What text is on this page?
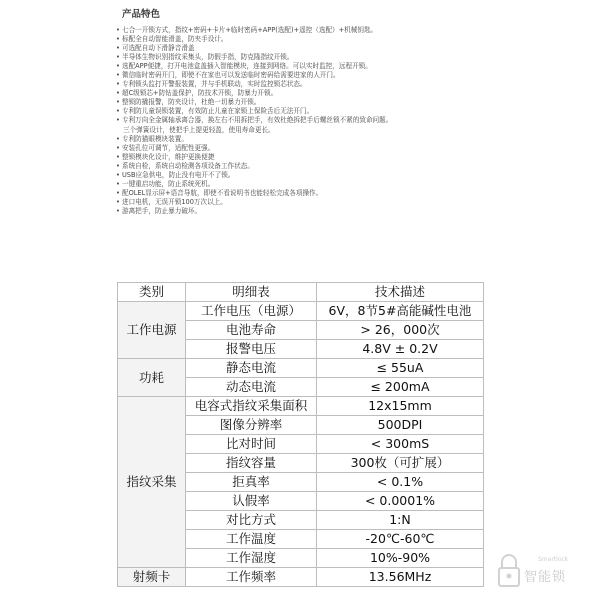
产品特色
• 七合一开锁方式，指纹+密码+卡片+临时密码+APP(选配)+遥控（选配）+机械钥匙。
• 标配全自动智能滑盖，防夹手设计。
• 可选配自动下滑静音滑盖
• 半导体生物识别指纹采集头，防假手指，防克隆指纹开锁。
• 选配APP便捷，打开电池盒盖插入智能模块，连接到网络。可以实时监控，远程开锁。
• 微信临时密码开门，即使不在家也可以发送临时密码给需要进家的人开门。
• 专利锁头监打开警报装置，并与手机联动，实时监控锁芯状态。
• 超C级锁芯+防钻盖保护，防技术开锁，防暴力开锁。
• 整锁防撬报警，防夹设计，杜绝一切暴力开锁。
• 专利防儿童误锁装置，有效防止儿童在家锁上保险舌后无法开门。
• 专利万向全金属轴承离合器，换左右不用拆把手，有效杜绝拆把手后螺丝锁不紧的致命问题。
三个弹簧设计，使把手上提更轻盈，使用寿命更长。
• 专利防猫眼模块装置。
• 安装孔位可调节，适配性更强。
• 整锁模块化设计，维护更换便捷
• 系统自检，系统自动检测各项设备工作状态。
• USB应急供电，防止没有电开不了锁。
• 一键重启功能，防止系统死机。
• 配OLEL显示屏+语音导航，即使不看说明书也能轻松完成各项操作。
• 进口电机，无误开锁100万次以上。
• 游离把手，防止暴力破坏。
类别	明细表	技术描述
工作电源	工作电压（电源）	6V，8节5#高能碱性电池
	电池寿命	> 26，000次
	报警电压	4.8V ± 0.2V
功耗	静态电流	≤ 55uA
	动态电流	≤ 200mA
指纹采集	电容式指纹采集面积	12x15mm
	图像分辨率	500DPI
	比对时间	< 300mS
	指纹容量	300枚（可扩展）
	拒真率	< 0.1%
	认假率	< 0.0001%
	对比方式	1:N
	工作温度	-20℃-60℃
	工作湿度	10%-90%
射频卡	工作频率	13.56MHz
Smartlock
智能锁
